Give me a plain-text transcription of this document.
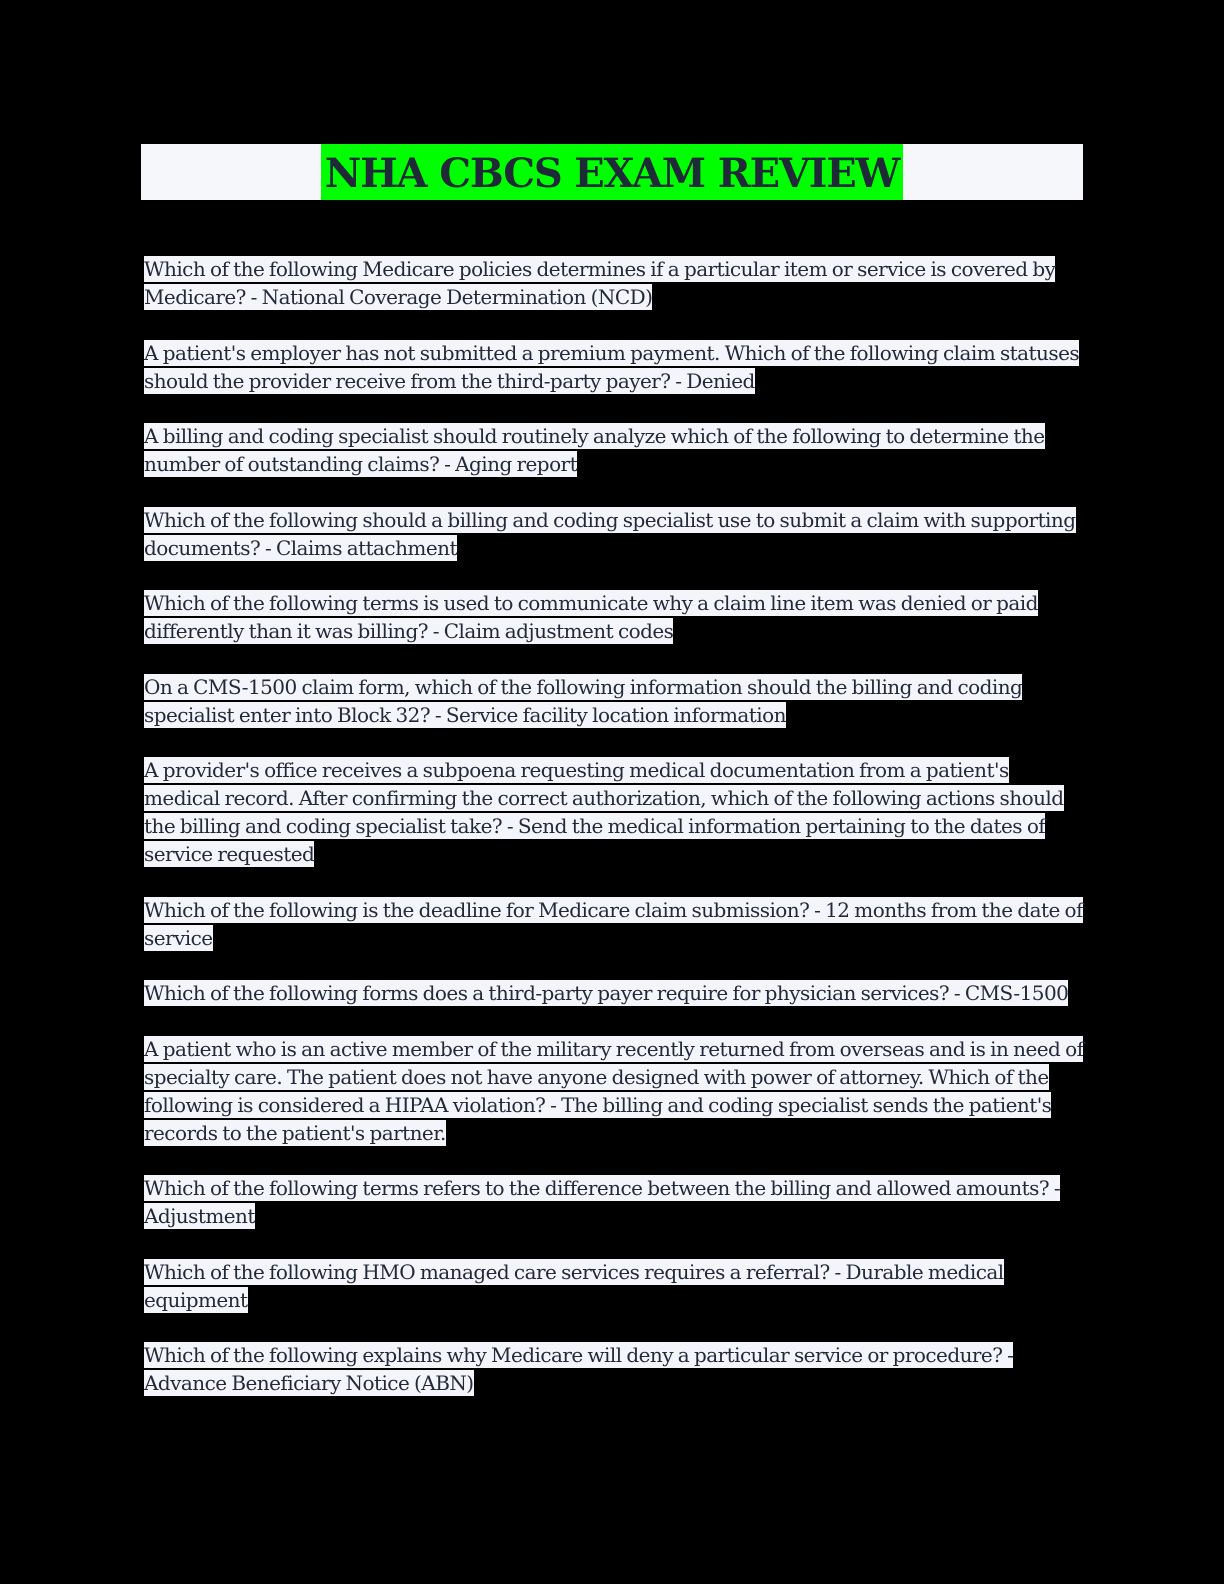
NHA CBCS EXAM REVIEW

Which of the following Medicare policies determines if a particular item or service is covered by Medicare? - National Coverage Determination (NCD)

A patient's employer has not submitted a premium payment. Which of the following claim statuses should the provider receive from the third-party payer? - Denied

A billing and coding specialist should routinely analyze which of the following to determine the number of outstanding claims? - Aging report

Which of the following should a billing and coding specialist use to submit a claim with supporting documents? - Claims attachment

Which of the following terms is used to communicate why a claim line item was denied or paid differently than it was billing? - Claim adjustment codes

On a CMS-1500 claim form, which of the following information should the billing and coding specialist enter into Block 32? - Service facility location information

A provider's office receives a subpoena requesting medical documentation from a patient's medical record. After confirming the correct authorization, which of the following actions should the billing and coding specialist take? - Send the medical information pertaining to the dates of service requested

Which of the following is the deadline for Medicare claim submission? - 12 months from the date of service

Which of the following forms does a third-party payer require for physician services? - CMS-1500

A patient who is an active member of the military recently returned from overseas and is in need of specialty care. The patient does not have anyone designed with power of attorney. Which of the following is considered a HIPAA violation? - The billing and coding specialist sends the patient's records to the patient's partner.

Which of the following terms refers to the difference between the billing and allowed amounts? - Adjustment

Which of the following HMO managed care services requires a referral? - Durable medical equipment

Which of the following explains why Medicare will deny a particular service or procedure? - Advance Beneficiary Notice (ABN)
